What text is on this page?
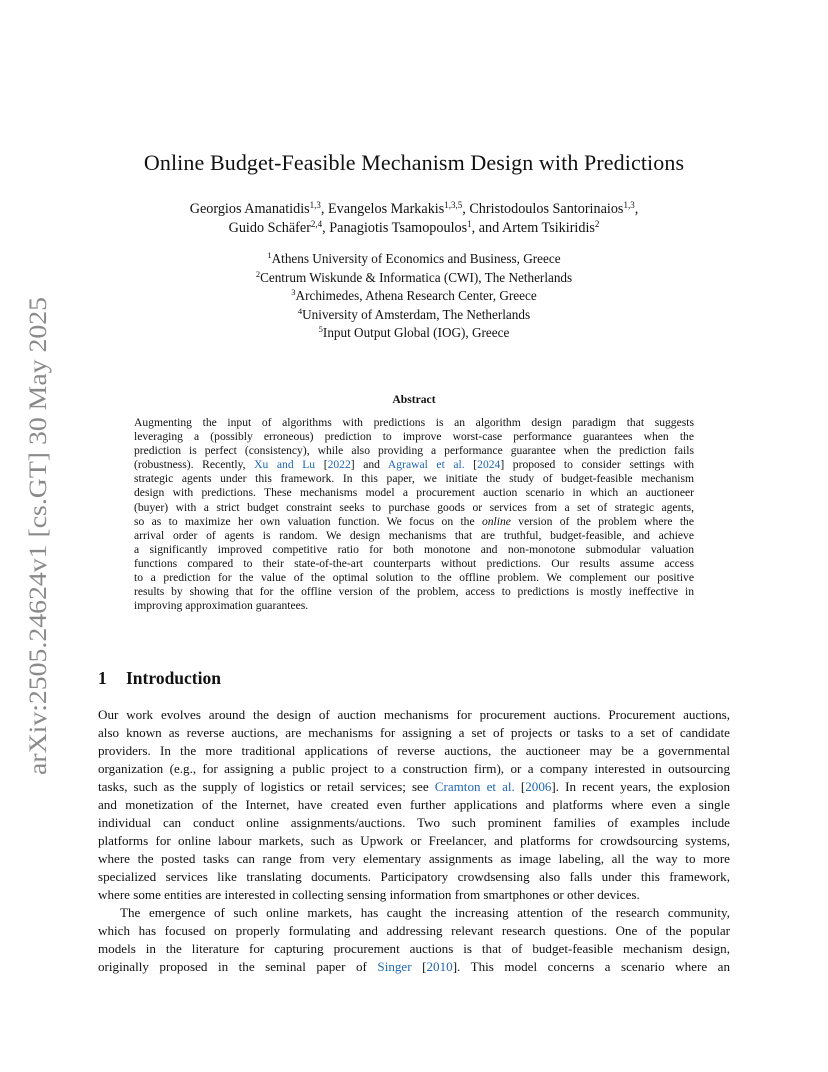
arXiv:2505.24624v1 [cs.GT] 30 May 2025
Online Budget-Feasible Mechanism Design with Predictions
Georgios Amanatidis$^{1,3}$, Evangelos Markakis$^{1,3,5}$, Christodoulos Santorinaios$^{1,3}$,
Guido Schäfer$^{2,4}$, Panagiotis Tsamopoulos$^1$, and Artem Tsikiridis$^2$
$^1$Athens University of Economics and Business, Greece
$^2$Centrum Wiskunde & Informatica (CWI), The Netherlands
$^3$Archimedes, Athena Research Center, Greece
$^4$University of Amsterdam, The Netherlands
$^5$Input Output Global (IOG), Greece
Abstract
Augmenting the input of algorithms with predictions is an algorithm design paradigm that suggests
leveraging a (possibly erroneous) prediction to improve worst-case performance guarantees when the
prediction is perfect (consistency), while also providing a performance guarantee when the prediction fails
(robustness). Recently, Xu and Lu [2022] and Agrawal et al. [2024] proposed to consider settings with
strategic agents under this framework. In this paper, we initiate the study of budget-feasible mechanism
design with predictions. These mechanisms model a procurement auction scenario in which an auctioneer
(buyer) with a strict budget constraint seeks to purchase goods or services from a set of strategic agents,
so as to maximize her own valuation function. We focus on the online version of the problem where the
arrival order of agents is random. We design mechanisms that are truthful, budget-feasible, and achieve
a significantly improved competitive ratio for both monotone and non-monotone submodular valuation
functions compared to their state-of-the-art counterparts without predictions. Our results assume access
to a prediction for the value of the optimal solution to the offline problem. We complement our positive
results by showing that for the offline version of the problem, access to predictions is mostly ineffective in
improving approximation guarantees.
1 Introduction
Our work evolves around the design of auction mechanisms for procurement auctions. Procurement auctions,
also known as reverse auctions, are mechanisms for assigning a set of projects or tasks to a set of candidate
providers. In the more traditional applications of reverse auctions, the auctioneer may be a governmental
organization (e.g., for assigning a public project to a construction firm), or a company interested in outsourcing
tasks, such as the supply of logistics or retail services; see Cramton et al. [2006]. In recent years, the explosion
and monetization of the Internet, have created even further applications and platforms where even a single
individual can conduct online assignments/auctions. Two such prominent families of examples include
platforms for online labour markets, such as Upwork or Freelancer, and platforms for crowdsourcing systems,
where the posted tasks can range from very elementary assignments as image labeling, all the way to more
specialized services like translating documents. Participatory crowdsensing also falls under this framework,
where some entities are interested in collecting sensing information from smartphones or other devices.
The emergence of such online markets, has caught the increasing attention of the research community,
which has focused on properly formulating and addressing relevant research questions. One of the popular
models in the literature for capturing procurement auctions is that of budget-feasible mechanism design,
originally proposed in the seminal paper of Singer [2010]. This model concerns a scenario where an
